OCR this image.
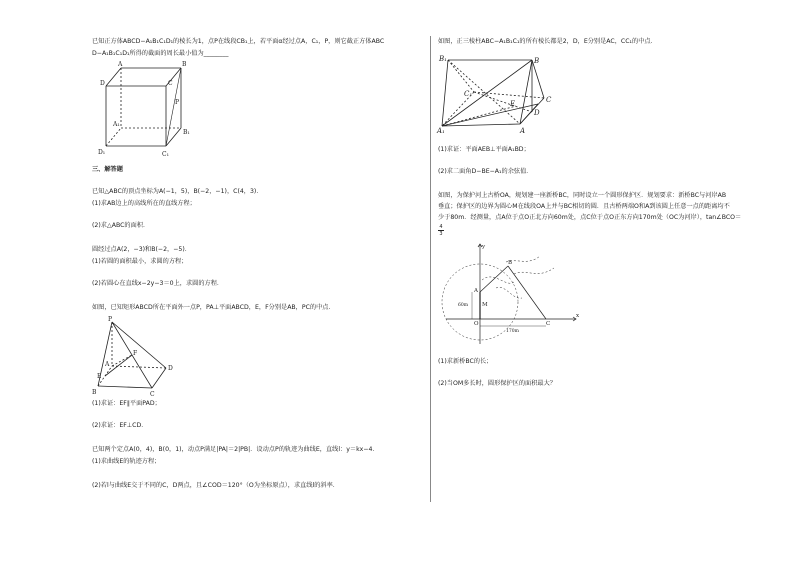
已知正方体ABCD−A₁B₁C₁D₁的棱长为1，点P在线段CB₁上，若平面α经过点A，C₁，P，则它截正方体ABC
D−A₁B₁C₁D₁所得的截面的周长最小值为________
D
A	B
C
P
A₁
B₁
D₁	C₁
三、解答题
已知△ABC的顶点坐标为A(−1，5)，B(−2，−1)，C(4，3)．
(1)求AB边上的高线所在的直线方程；
(2)求△ABC的面积．
圆经过点A(2，−3)和B(−2，−5)．
(1)若圆的面积最小，求圆的方程；
(2)若圆心在直线x−2y−3＝0上，求圆的方程．
如图，已知矩形ABCD所在平面外一点P，PA⊥平面ABCD，E，F分别是AB，PC的中点．
P
A
E
B	C
D
F
(1)求证：EF∥平面PAD；
(2)求证：EF⊥CD．
已知两个定点A(0，4)，B(0，1)，动点P满足|PA|＝2|PB|．设动点P的轨迹为曲线E，直线l：y＝kx−4．
(1)求曲线E的轨迹方程；
(2)若l与曲线E交于不同的C，D两点，且∠COD＝120°（O为坐标原点），求直线l的斜率．
如图，正三棱柱ABC−A₁B₁C₁的所有棱长都是2，D，E分别是AC，CC₁的中点．
B₁	B
C₁
C
E
D
A₁	A
(1)求证：平面AEB⊥平面A₁BD；
(2)求二面角D−BE−A₁的余弦值．
如图，为保护河上古桥OA，规划建一座新桥BC，同时设立一个圆形保护区．规划要求：新桥BC与河岸AB
垂直；保护区的边界为圆心M在线段OA上并与BC相切的圆．且古桥两端O和A到该圆上任意一点的距离均不
少于80m．经测量，点A位于点O正北方向60m处，点C位于点O正东方向170m处（OC为河岸），tan∠BCO＝
$\frac{4}{3}$
y
x
B
A
M
O	C
60m
170m
(1)求新桥BC的长；
(2)当OM多长时，圆形保护区的面积最大？
